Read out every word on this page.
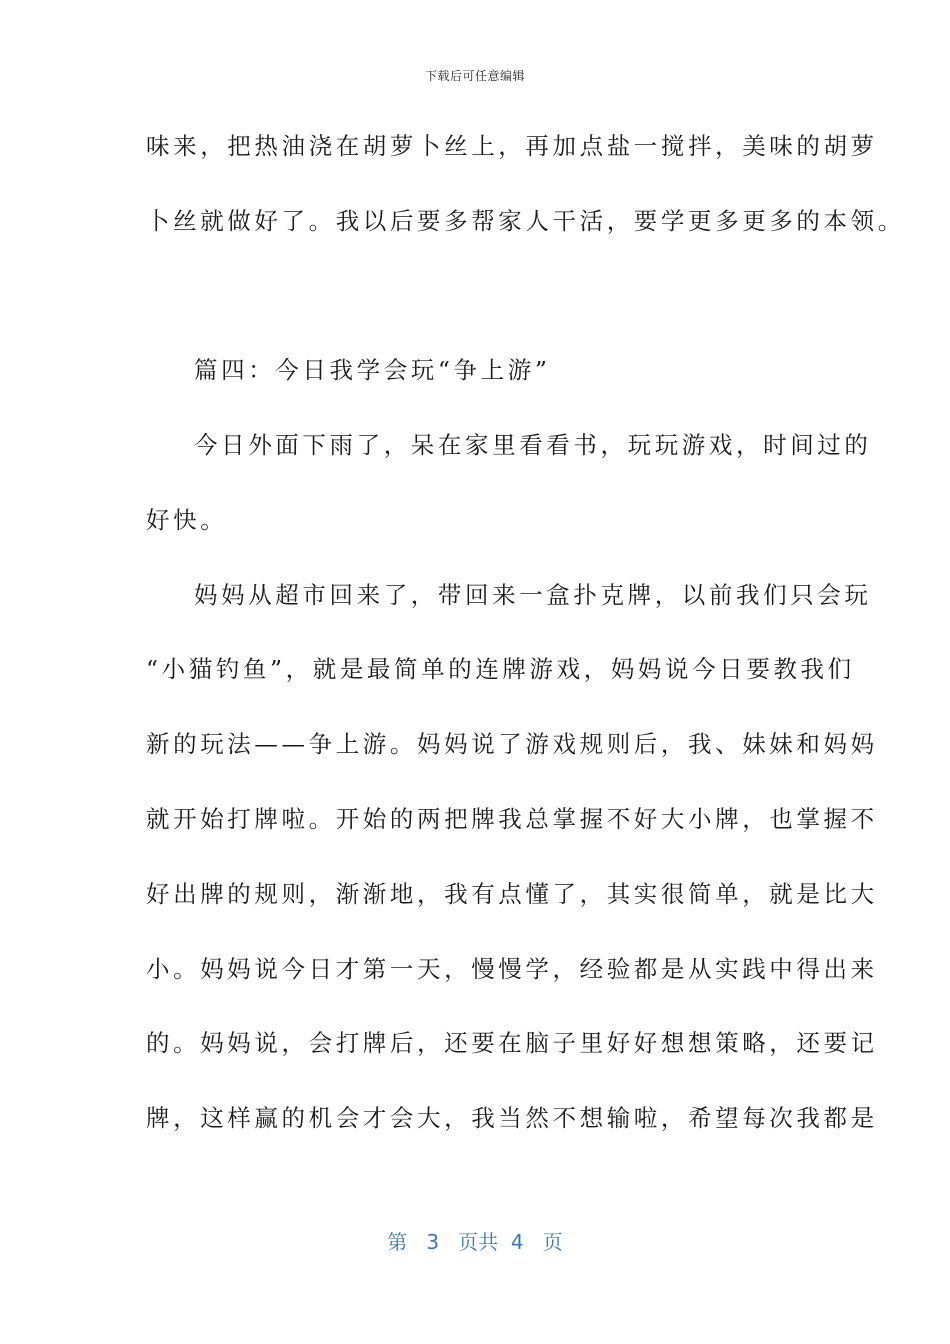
下载后可任意编辑
味来，把热油浇在胡萝卜丝上，再加点盐一搅拌，美味的胡萝
卜丝就做好了。我以后要多帮家人干活，要学更多更多的本领。
篇四：今日我学会玩“争上游”
今日外面下雨了，呆在家里看看书，玩玩游戏，时间过的
好快。
妈妈从超市回来了，带回来一盒扑克牌，以前我们只会玩
“小猫钓鱼”，就是最简单的连牌游戏，妈妈说今日要教我们
新的玩法——争上游。妈妈说了游戏规则后，我、妹妹和妈妈
就开始打牌啦。开始的两把牌我总掌握不好大小牌，也掌握不
好出牌的规则，渐渐地，我有点懂了，其实很简单，就是比大
小。妈妈说今日才第一天，慢慢学，经验都是从实践中得出来
的。妈妈说，会打牌后，还要在脑子里好好想想策略，还要记
牌，这样赢的机会才会大，我当然不想输啦，希望每次我都是
第 3 页共 4 页
